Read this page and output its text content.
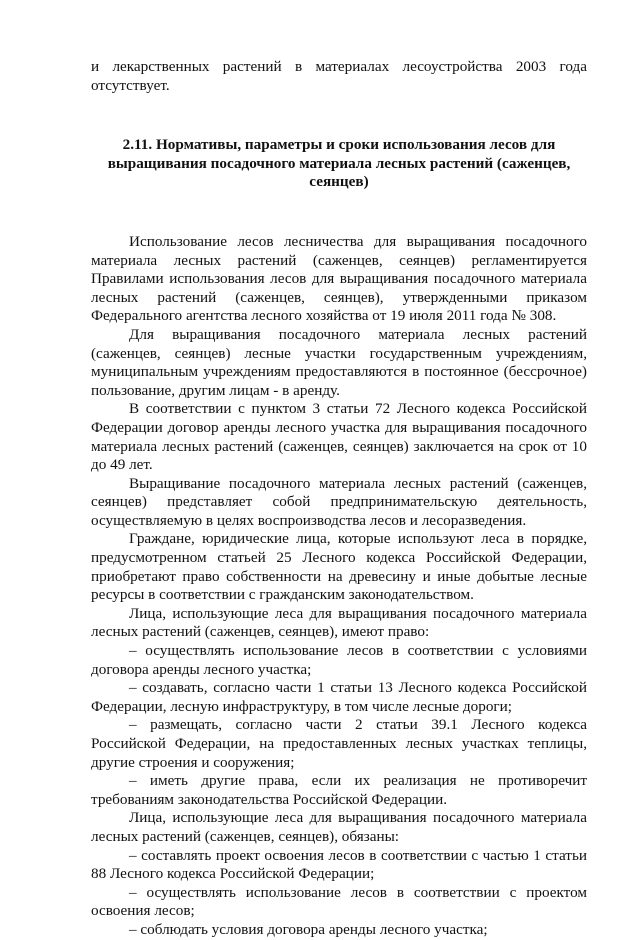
и лекарственных растений в материалах лесоустройства 2003 года отсутствует.

2.11. Нормативы, параметры и сроки использования лесов для выращивания посадочного материала лесных растений (саженцев, сеянцев)

Использование лесов лесничества для выращивания посадочного материала лесных растений (саженцев, сеянцев) регламентируется Правилами использования лесов для выращивания посадочного материала лесных растений (саженцев, сеянцев), утвержденными приказом Федерального агентства лесного хозяйства от 19 июля 2011 года № 308.

Для выращивания посадочного материала лесных растений (саженцев, сеянцев) лесные участки государственным учреждениям, муниципальным учреждениям предоставляются в постоянное (бессрочное) пользование, другим лицам - в аренду.

В соответствии с пунктом 3 статьи 72 Лесного кодекса Российской Федерации договор аренды лесного участка для выращивания посадочного материала лесных растений (саженцев, сеянцев) заключается на срок от 10 до 49 лет.

Выращивание посадочного материала лесных растений (саженцев, сеянцев) представляет собой предпринимательскую деятельность, осуществляемую в целях воспроизводства лесов и лесоразведения.

Граждане, юридические лица, которые используют леса в порядке, предусмотренном статьей 25 Лесного кодекса Российской Федерации, приобретают право собственности на древесину и иные добытые лесные ресурсы в соответствии с гражданским законодательством.

Лица, использующие леса для выращивания посадочного материала лесных растений (саженцев, сеянцев), имеют право:

– осуществлять использование лесов в соответствии с условиями договора аренды лесного участка;

– создавать, согласно части 1 статьи 13 Лесного кодекса Российской Федерации, лесную инфраструктуру, в том числе лесные дороги;

– размещать, согласно части 2 статьи 39.1 Лесного кодекса Российской Федерации, на предоставленных лесных участках теплицы, другие строения и сооружения;

– иметь другие права, если их реализация не противоречит требованиям законодательства Российской Федерации.

Лица, использующие леса для выращивания посадочного материала лесных растений (саженцев, сеянцев), обязаны:

– составлять проект освоения лесов в соответствии с частью 1 статьи 88 Лесного кодекса Российской Федерации;

– осуществлять использование лесов в соответствии с проектом освоения лесов;

– соблюдать условия договора аренды лесного участка;
